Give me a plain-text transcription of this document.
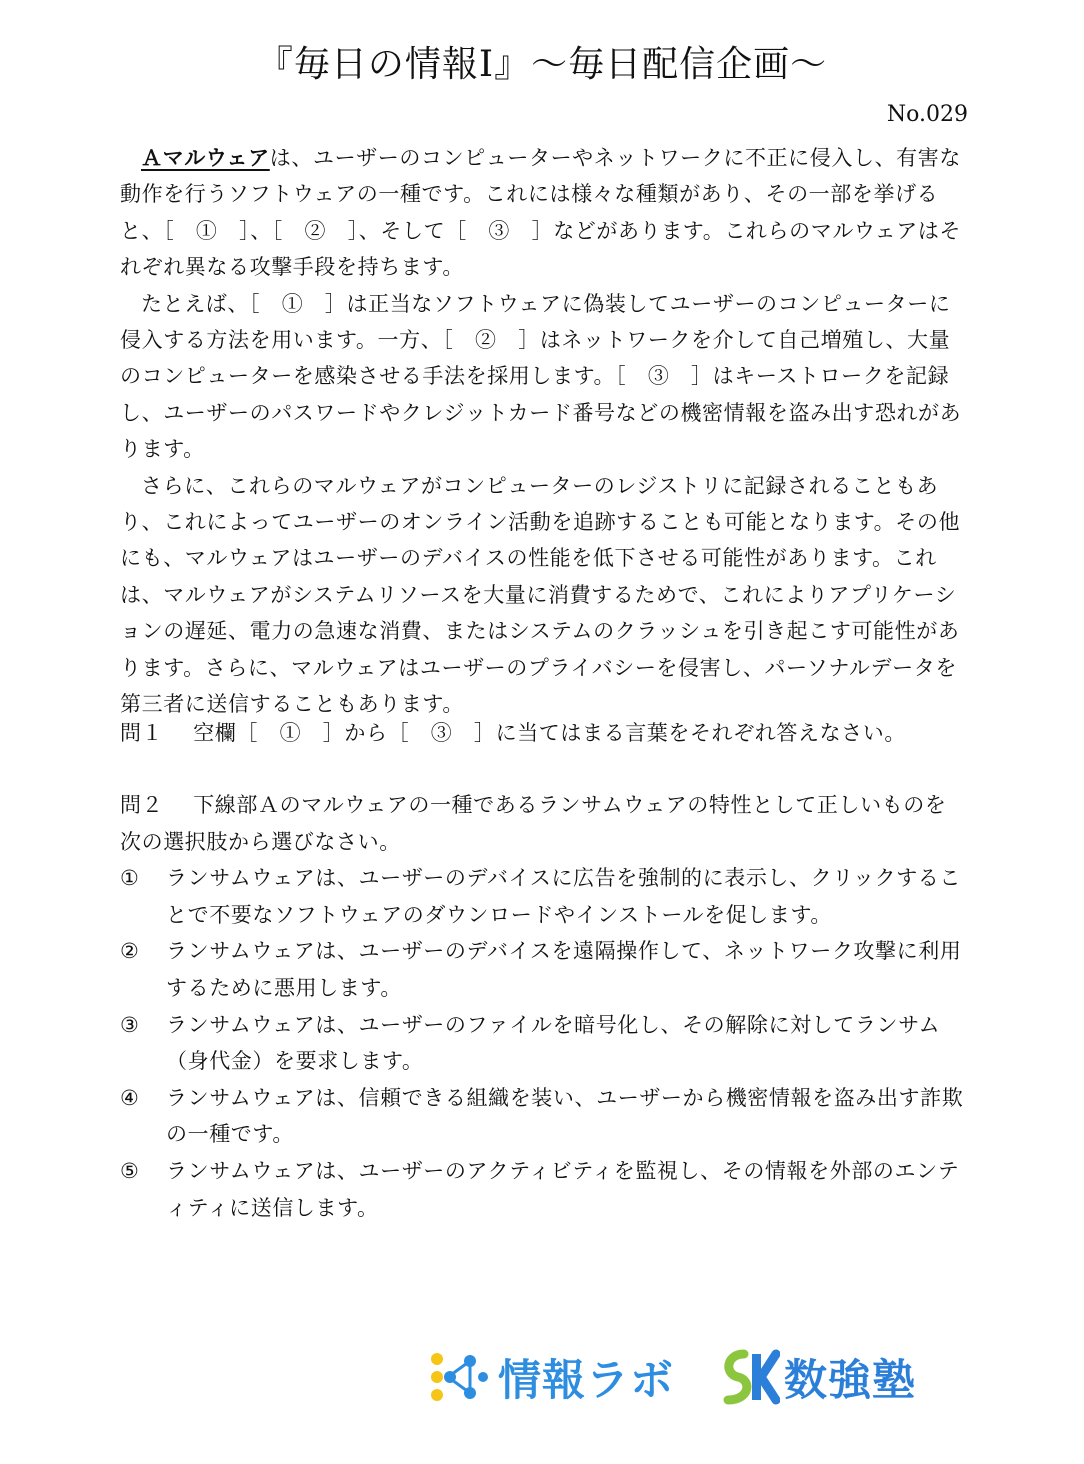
『毎日の情報Ⅰ』〜毎日配信企画〜
No.029

Ａマルウェアは、ユーザーのコンピューターやネットワークに不正に侵入し、有害な動作を行うソフトウェアの一種です。これには様々な種類があり、その一部を挙げると、［　①　］、［　②　］、そして［　③　］などがあります。これらのマルウェアはそれぞれ異なる攻撃手段を持ちます。

たとえば、［　①　］は正当なソフトウェアに偽装してユーザーのコンピューターに侵入する方法を用います。一方、［　②　］はネットワークを介して自己増殖し、大量のコンピューターを感染させる手法を採用します。［　③　］はキーストロークを記録し、ユーザーのパスワードやクレジットカード番号などの機密情報を盗み出す恐れがあります。

さらに、これらのマルウェアがコンピューターのレジストリに記録されることもあり、これによってユーザーのオンライン活動を追跡することも可能となります。その他にも、マルウェアはユーザーのデバイスの性能を低下させる可能性があります。これは、マルウェアがシステムリソースを大量に消費するためで、これによりアプリケーションの遅延、電力の急速な消費、またはシステムのクラッシュを引き起こす可能性があります。さらに、マルウェアはユーザーのプライバシーを侵害し、パーソナルデータを第三者に送信することもあります。

問１ 空欄［　①　］から［　③　］に当てはまる言葉をそれぞれ答えなさい。
問２ 下線部Ａのマルウェアの一種であるランサムウェアの特性として正しいものを次の選択肢から選びなさい。
①	ランサムウェアは、ユーザーのデバイスに広告を強制的に表示し、クリックすることで不要なソフトウェアのダウンロードやインストールを促します。
②	ランサムウェアは、ユーザーのデバイスを遠隔操作して、ネットワーク攻撃に利用するために悪用します。
③	ランサムウェアは、ユーザーのファイルを暗号化し、その解除に対してランサム（身代金）を要求します。
④	ランサムウェアは、信頼できる組織を装い、ユーザーから機密情報を盗み出す詐欺の一種です。
⑤	ランサムウェアは、ユーザーのアクティビティを監視し、その情報を外部のエンティティに送信します。
情報ラボ	数強塾
